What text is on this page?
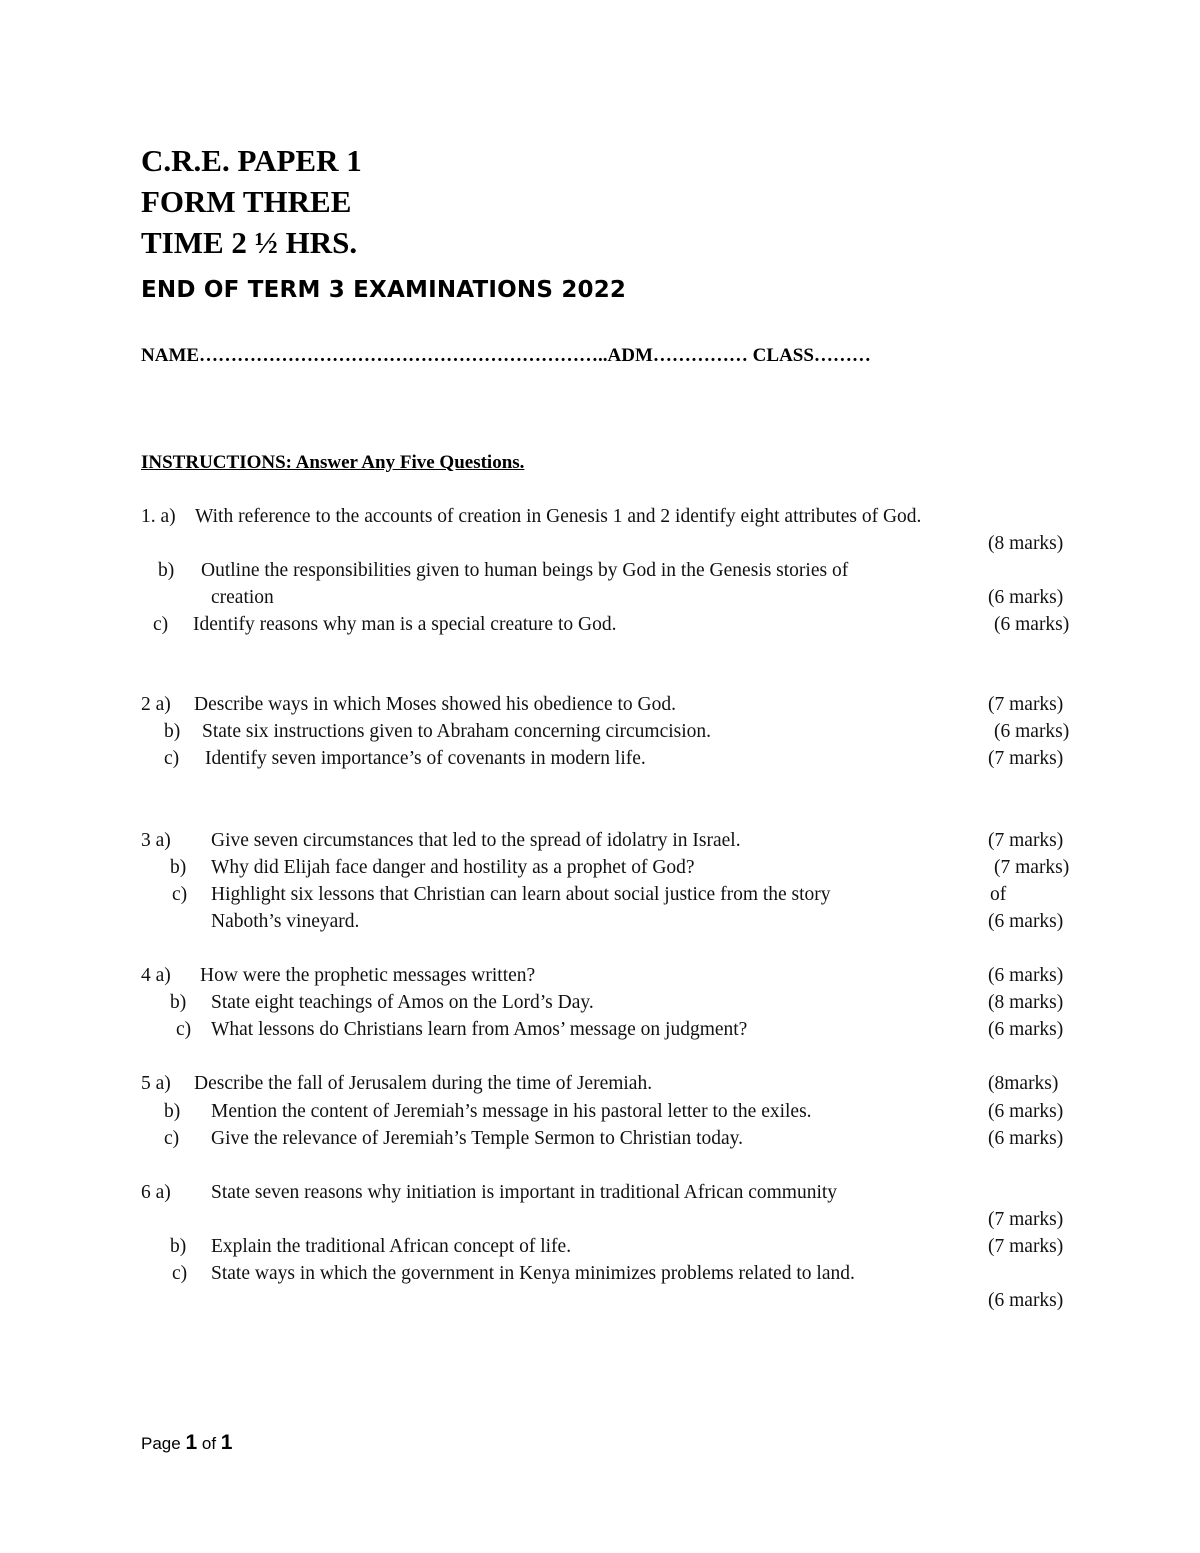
C.R.E. PAPER 1
FORM THREE
TIME 2 ½ HRS.
END OF TERM 3 EXAMINATIONS 2022
NAME………………………………………………………..ADM…………… CLASS………
INSTRUCTIONS: Answer Any Five Questions.
1. a) With reference to the accounts of creation in Genesis 1 and 2 identify eight attributes of God.
(8 marks)
b) Outline the responsibilities given to human beings by God in the Genesis stories of
creation	(6 marks)
c) Identify reasons why man is a special creature to God.	(6 marks)
2 a) Describe ways in which Moses showed his obedience to God.	(7 marks)
b) State six instructions given to Abraham concerning circumcision.	(6 marks)
c) Identify seven importance’s of covenants in modern life.	(7 marks)
3 a) Give seven circumstances that led to the spread of idolatry in Israel.	(7 marks)
b) Why did Elijah face danger and hostility as a prophet of God?	(7 marks)
c) Highlight six lessons that Christian can learn about social justice from the story	of
Naboth’s vineyard.	(6 marks)
4 a) How were the prophetic messages written?	(6 marks)
b) State eight teachings of Amos on the Lord’s Day.	(8 marks)
c) What lessons do Christians learn from Amos’ message on judgment?	(6 marks)
5 a) Describe the fall of Jerusalem during the time of Jeremiah.	(8marks)
b) Mention the content of Jeremiah’s message in his pastoral letter to the exiles.	(6 marks)
c) Give the relevance of Jeremiah’s Temple Sermon to Christian today.	(6 marks)
6 a) State seven reasons why initiation is important in traditional African community
(7 marks)
b) Explain the traditional African concept of life.	(7 marks)
c) State ways in which the government in Kenya minimizes problems related to land.
(6 marks)
Page 1 of 1
